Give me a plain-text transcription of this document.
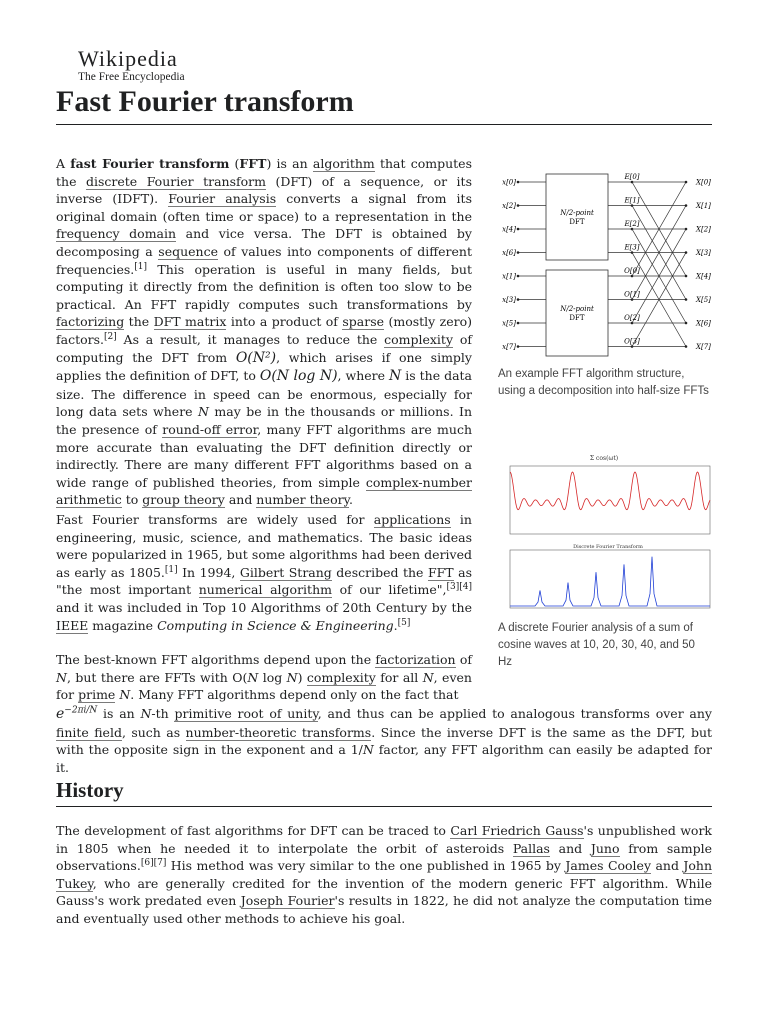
Wikipedia
The Free Encyclopedia
Fast Fourier transform

A fast Fourier transform (FFT) is an algorithm that computes the discrete Fourier transform (DFT) of a sequence, or its inverse (IDFT). Fourier analysis converts a signal from its original domain (often time or space) to a representation in the frequency domain and vice versa. The DFT is obtained by decomposing a sequence of values into components of different frequencies.[1] This operation is useful in many fields, but computing it directly from the definition is often too slow to be practical. An FFT rapidly computes such transformations by factorizing the DFT matrix into a product of sparse (mostly zero) factors.[2] As a result, it manages to reduce the complexity of computing the DFT from O(N²), which arises if one simply applies the definition of DFT, to O(N log N), where N is the data size. The difference in speed can be enormous, especially for long data sets where N may be in the thousands or millions. In the presence of round-off error, many FFT algorithms are much more accurate than evaluating the DFT definition directly or indirectly. There are many different FFT algorithms based on a wide range of published theories, from simple complex-number arithmetic to group theory and number theory.

Fast Fourier transforms are widely used for applications in engineering, music, science, and mathematics. The basic ideas were popularized in 1965, but some algorithms had been derived as early as 1805.[1] In 1994, Gilbert Strang described the FFT as "the most important numerical algorithm of our lifetime",[3][4] and it was included in Top 10 Algorithms of 20th Century by the IEEE magazine Computing in Science & Engineering.[5]

The best-known FFT algorithms depend upon the factorization of N, but there are FFTs with O(N log N) complexity for all N, even for prime N. Many FFT algorithms depend only on the fact that

$e^{-2\pi i/N}$ is an N-th primitive root of unity, and thus can be applied to analogous transforms over any finite field, such as number-theoretic transforms. Since the inverse DFT is the same as the DFT, but with the opposite sign in the exponent and a 1/N factor, any FFT algorithm can easily be adapted for it.

History

The development of fast algorithms for DFT can be traced to Carl Friedrich Gauss's unpublished work in 1805 when he needed it to interpolate the orbit of asteroids Pallas and Juno from sample observations.[6][7] His method was very similar to the one published in 1965 by James Cooley and John Tukey, who are generally credited for the invention of the modern generic FFT algorithm. While Gauss's work predated even Joseph Fourier's results in 1822, he did not analyze the computation time and eventually used other methods to achieve his goal.

N/2-point
DFT
N/2-point
DFT
x[0]
x[2]
x[4]
x[6]
x[1]
x[3]
x[5]
x[7]
E[0]
E[1]
E[2]
E[3]
O[0]
O[1]
O[2]
O[3]
X[0]
X[1]
X[2]
X[3]
X[4]
X[5]
X[6]
X[7]
An example FFT algorithm structure, using a decomposition into half-size FFTs
Σ cos(ωt)
Discrete Fourier Transform
A discrete Fourier analysis of a sum of cosine waves at 10, 20, 30, 40, and 50 Hz
